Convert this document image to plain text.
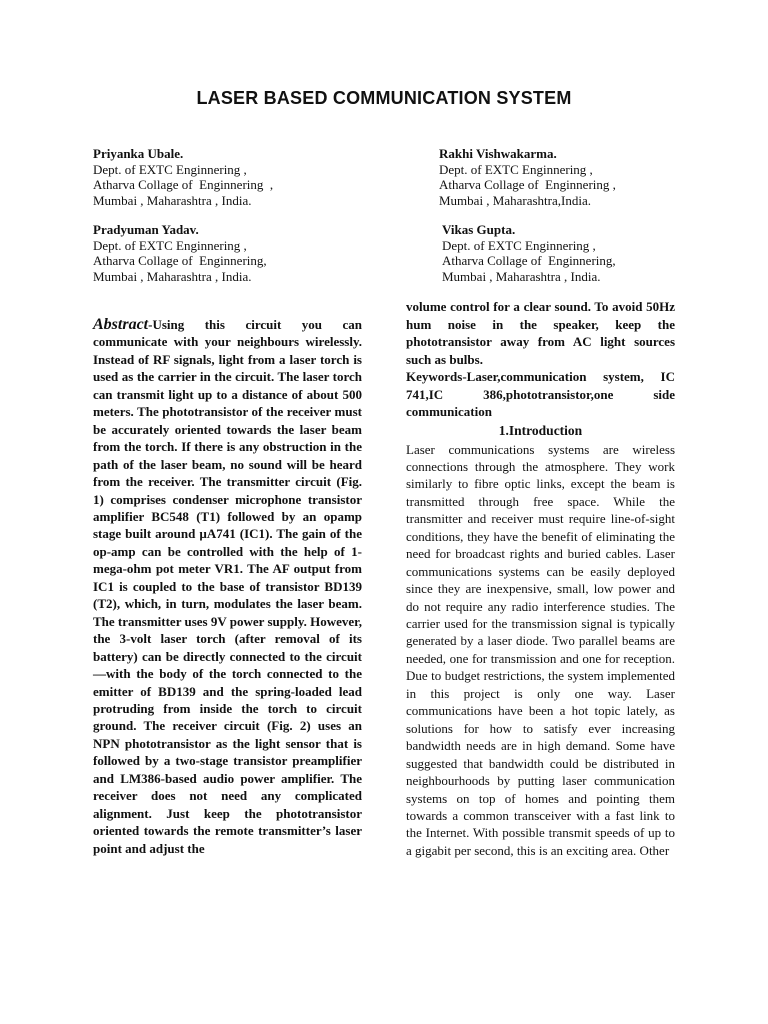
LASER BASED COMMUNICATION SYSTEM
Priyanka Ubale.
Dept. of EXTC Enginnering ,
Atharva Collage of  Enginnering  ,
Mumbai , Maharashtra , India.
Rakhi Vishwakarma.
Dept. of EXTC Enginnering ,
Atharva Collage of  Enginnering ,
Mumbai , Maharashtra,India.
Pradyuman Yadav.
Dept. of EXTC Enginnering ,
Atharva Collage of  Enginnering,
Mumbai , Maharashtra , India.
Vikas Gupta.
Dept. of EXTC Enginnering ,
Atharva Collage of  Enginnering,
Mumbai , Maharashtra , India.

Abstract-Using this circuit you can communicate with your neighbours wirelessly. Instead of RF signals, light from a laser torch is used as the carrier in the circuit. The laser torch can transmit light up to a distance of about 500 meters. The phototransistor of the receiver must be accurately oriented towards the laser beam from the torch. If there is any obstruction in the path of the laser beam, no sound will be heard from the receiver. The transmitter circuit (Fig. 1) comprises condenser microphone transistor amplifier BC548 (T1) followed by an opamp stage built around µA741 (IC1). The gain of the op-amp can be controlled with the help of 1-mega-ohm pot meter VR1. The AF output from IC1 is coupled to the base of transistor BD139 (T2), which, in turn, modulates the laser beam. The transmitter uses 9V power supply. However, the 3-volt laser torch (after removal of its battery) can be directly connected to the circuit—with the body of the torch connected to the emitter of BD139 and the spring-loaded lead protruding from inside the torch to circuit ground. The receiver circuit (Fig. 2) uses an NPN phototransistor as the light sensor that is followed by a two-stage transistor preamplifier and LM386-based audio power amplifier. The receiver does not need any complicated alignment. Just keep the phototransistor oriented towards the remote transmitter’s laser point and adjust the

volume control for a clear sound. To avoid 50Hz hum noise in the speaker, keep the phototransistor away from AC light sources such as bulbs.

Keywords-Laser,communication system, IC 741,IC 386,phototransistor,one side communication

1.Introduction

Laser communications systems are wireless connections through the atmosphere. They work similarly to fibre optic links, except the beam is transmitted through free space. While the transmitter and receiver must require line-of-sight conditions, they have the benefit of eliminating the need for broadcast rights and buried cables. Laser communications systems can be easily deployed since they are inexpensive, small, low power and do not require any radio interference studies. The carrier used for the transmission signal is typically generated by a laser diode. Two parallel beams are needed, one for transmission and one for reception. Due to budget restrictions, the system implemented in this project is only one way. Laser communications have been a hot topic lately, as solutions for how to satisfy ever increasing bandwidth needs are in high demand. Some have suggested that bandwidth could be distributed in neighbourhoods by putting laser communication systems on top of homes and pointing them towards a common transceiver with a fast link to the Internet. With possible transmit speeds of up to a gigabit per second, this is an exciting area. Other
